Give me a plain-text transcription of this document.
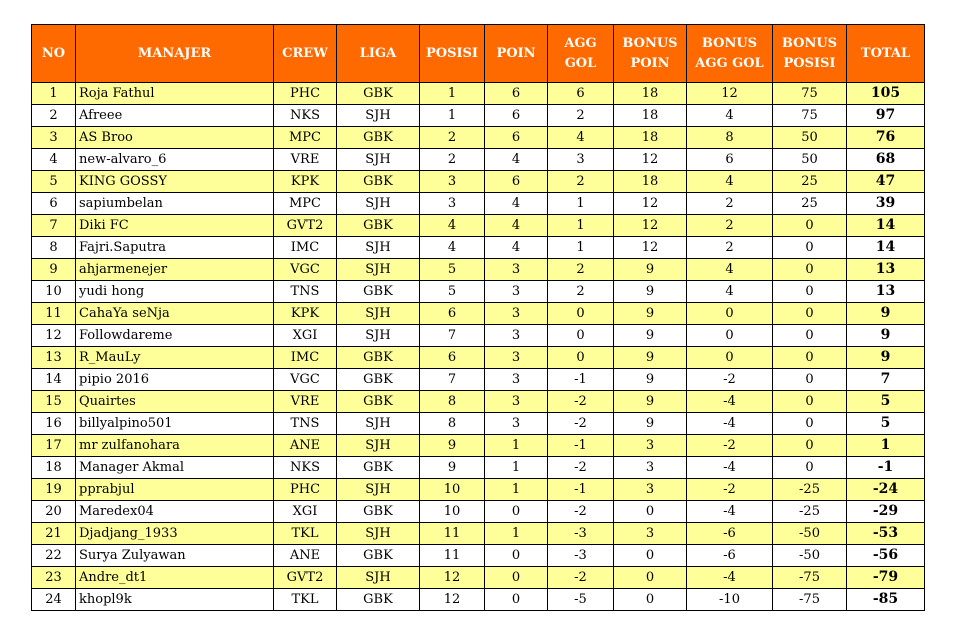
NO	MANAJER	CREW	LIGA	POSISI	POIN	AGG GOL	BONUS POIN	BONUS AGG GOL	BONUS POSISI	TOTAL
1	Roja Fathul	PHC	GBK	1	6	6	18	12	75	105
2	Afreee	NKS	SJH	1	6	2	18	4	75	97
3	AS Broo	MPC	GBK	2	6	4	18	8	50	76
4	new-alvaro_6	VRE	SJH	2	4	3	12	6	50	68
5	KING GOSSY	KPK	GBK	3	6	2	18	4	25	47
6	sapiumbelan	MPC	SJH	3	4	1	12	2	25	39
7	Diki FC	GVT2	GBK	4	4	1	12	2	0	14
8	Fajri.Saputra	IMC	SJH	4	4	1	12	2	0	14
9	ahjarmenejer	VGC	SJH	5	3	2	9	4	0	13
10	yudi hong	TNS	GBK	5	3	2	9	4	0	13
11	CahaYa seNja	KPK	SJH	6	3	0	9	0	0	9
12	Followdareme	XGI	SJH	7	3	0	9	0	0	9
13	R_MauLy	IMC	GBK	6	3	0	9	0	0	9
14	pipio 2016	VGC	GBK	7	3	-1	9	-2	0	7
15	Quairtes	VRE	GBK	8	3	-2	9	-4	0	5
16	billyalpino501	TNS	SJH	8	3	-2	9	-4	0	5
17	mr zulfanohara	ANE	SJH	9	1	-1	3	-2	0	1
18	Manager Akmal	NKS	GBK	9	1	-2	3	-4	0	-1
19	pprabjul	PHC	SJH	10	1	-1	3	-2	-25	-24
20	Maredex04	XGI	GBK	10	0	-2	0	-4	-25	-29
21	Djadjang_1933	TKL	SJH	11	1	-3	3	-6	-50	-53
22	Surya Zulyawan	ANE	GBK	11	0	-3	0	-6	-50	-56
23	Andre_dt1	GVT2	SJH	12	0	-2	0	-4	-75	-79
24	khopl9k	TKL	GBK	12	0	-5	0	-10	-75	-85
